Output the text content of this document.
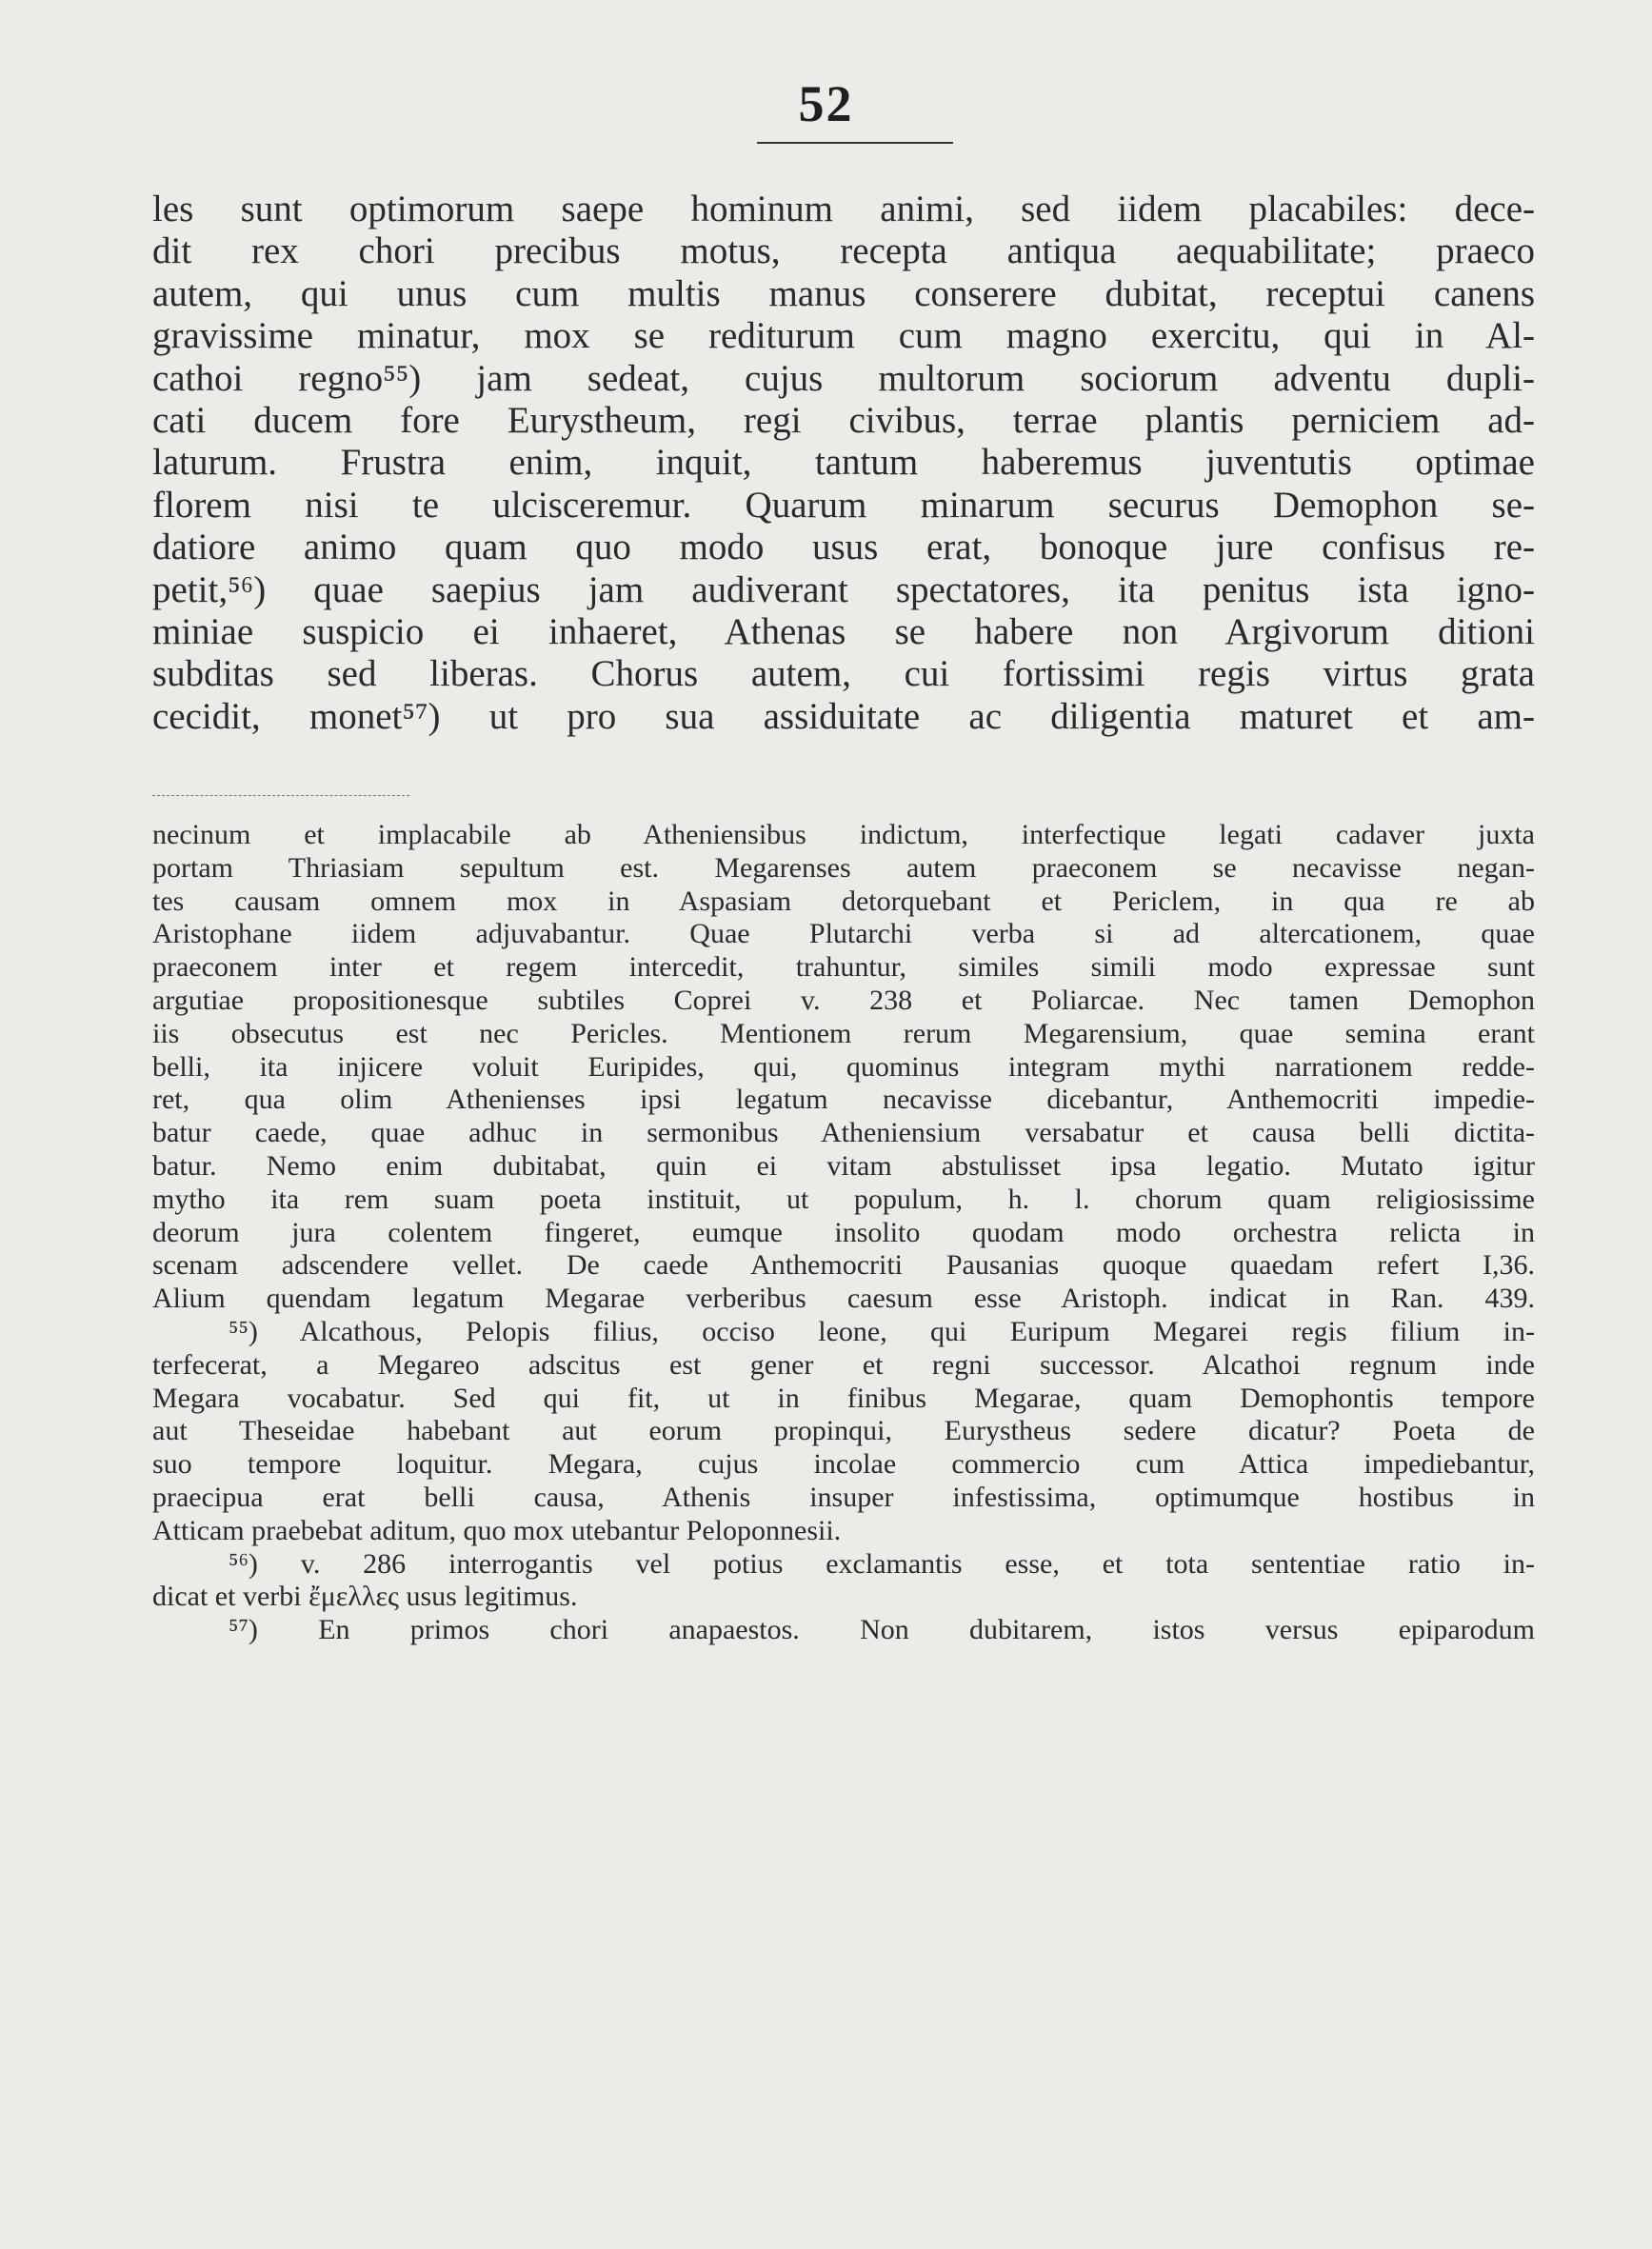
52
les sunt optimorum saepe hominum animi, sed iidem placabiles: dece-
dit rex chori precibus motus, recepta antiqua aequabilitate; praeco
autem, qui unus cum multis manus conserere dubitat, receptui canens
gravissime minatur, mox se rediturum cum magno exercitu, qui in Al-
cathoi regno⁵⁵) jam sedeat, cujus multorum sociorum adventu dupli-
cati ducem fore Eurystheum, regi civibus, terrae plantis perniciem ad-
laturum. Frustra enim, inquit, tantum haberemus juventutis optimae
florem nisi te ulcisceremur. Quarum minarum securus Demophon se-
datiore animo quam quo modo usus erat, bonoque jure confisus re-
petit,⁵⁶) quae saepius jam audiverant spectatores, ita penitus ista igno-
miniae suspicio ei inhaeret, Athenas se habere non Argivorum ditioni
subditas sed liberas. Chorus autem, cui fortissimi regis virtus grata
cecidit, monet⁵⁷) ut pro sua assiduitate ac diligentia maturet et am-
necinum et implacabile ab Atheniensibus indictum, interfectique legati cadaver juxta
portam Thriasiam sepultum est. Megarenses autem praeconem se necavisse negan-
tes causam omnem mox in Aspasiam detorquebant et Periclem, in qua re ab
Aristophane iidem adjuvabantur. Quae Plutarchi verba si ad altercationem, quae
praeconem inter et regem intercedit, trahuntur, similes simili modo expressae sunt
argutiae propositionesque subtiles Coprei v. 238 et Poliarcae. Nec tamen Demophon
iis obsecutus est nec Pericles. Mentionem rerum Megarensium, quae semina erant
belli, ita injicere voluit Euripides, qui, quominus integram mythi narrationem redde-
ret, qua olim Athenienses ipsi legatum necavisse dicebantur, Anthemocriti impedie-
batur caede, quae adhuc in sermonibus Atheniensium versabatur et causa belli dictita-
batur. Nemo enim dubitabat, quin ei vitam abstulisset ipsa legatio. Mutato igitur
mytho ita rem suam poeta instituit, ut populum, h. l. chorum quam religiosissime
deorum jura colentem fingeret, eumque insolito quodam modo orchestra relicta in
scenam adscendere vellet. De caede Anthemocriti Pausanias quoque quaedam refert I,36.
Alium quendam legatum Megarae verberibus caesum esse Aristoph. indicat in Ran. 439.
⁵⁵) Alcathous, Pelopis filius, occiso leone, qui Euripum Megarei regis filium in-
terfecerat, a Megareo adscitus est gener et regni successor. Alcathoi regnum inde
Megara vocabatur. Sed qui fit, ut in finibus Megarae, quam Demophontis tempore
aut Theseidae habebant aut eorum propinqui, Eurystheus sedere dicatur? Poeta de
suo tempore loquitur. Megara, cujus incolae commercio cum Attica impediebantur,
praecipua erat belli causa, Athenis insuper infestissima, optimumque hostibus in
Atticam praebebat aditum, quo mox utebantur Peloponnesii.
⁵⁶) v. 286 interrogantis vel potius exclamantis esse, et tota sententiae ratio in-
dicat et verbi ἔμελλες usus legitimus.
⁵⁷) En primos chori anapaestos. Non dubitarem, istos versus epiparodum
